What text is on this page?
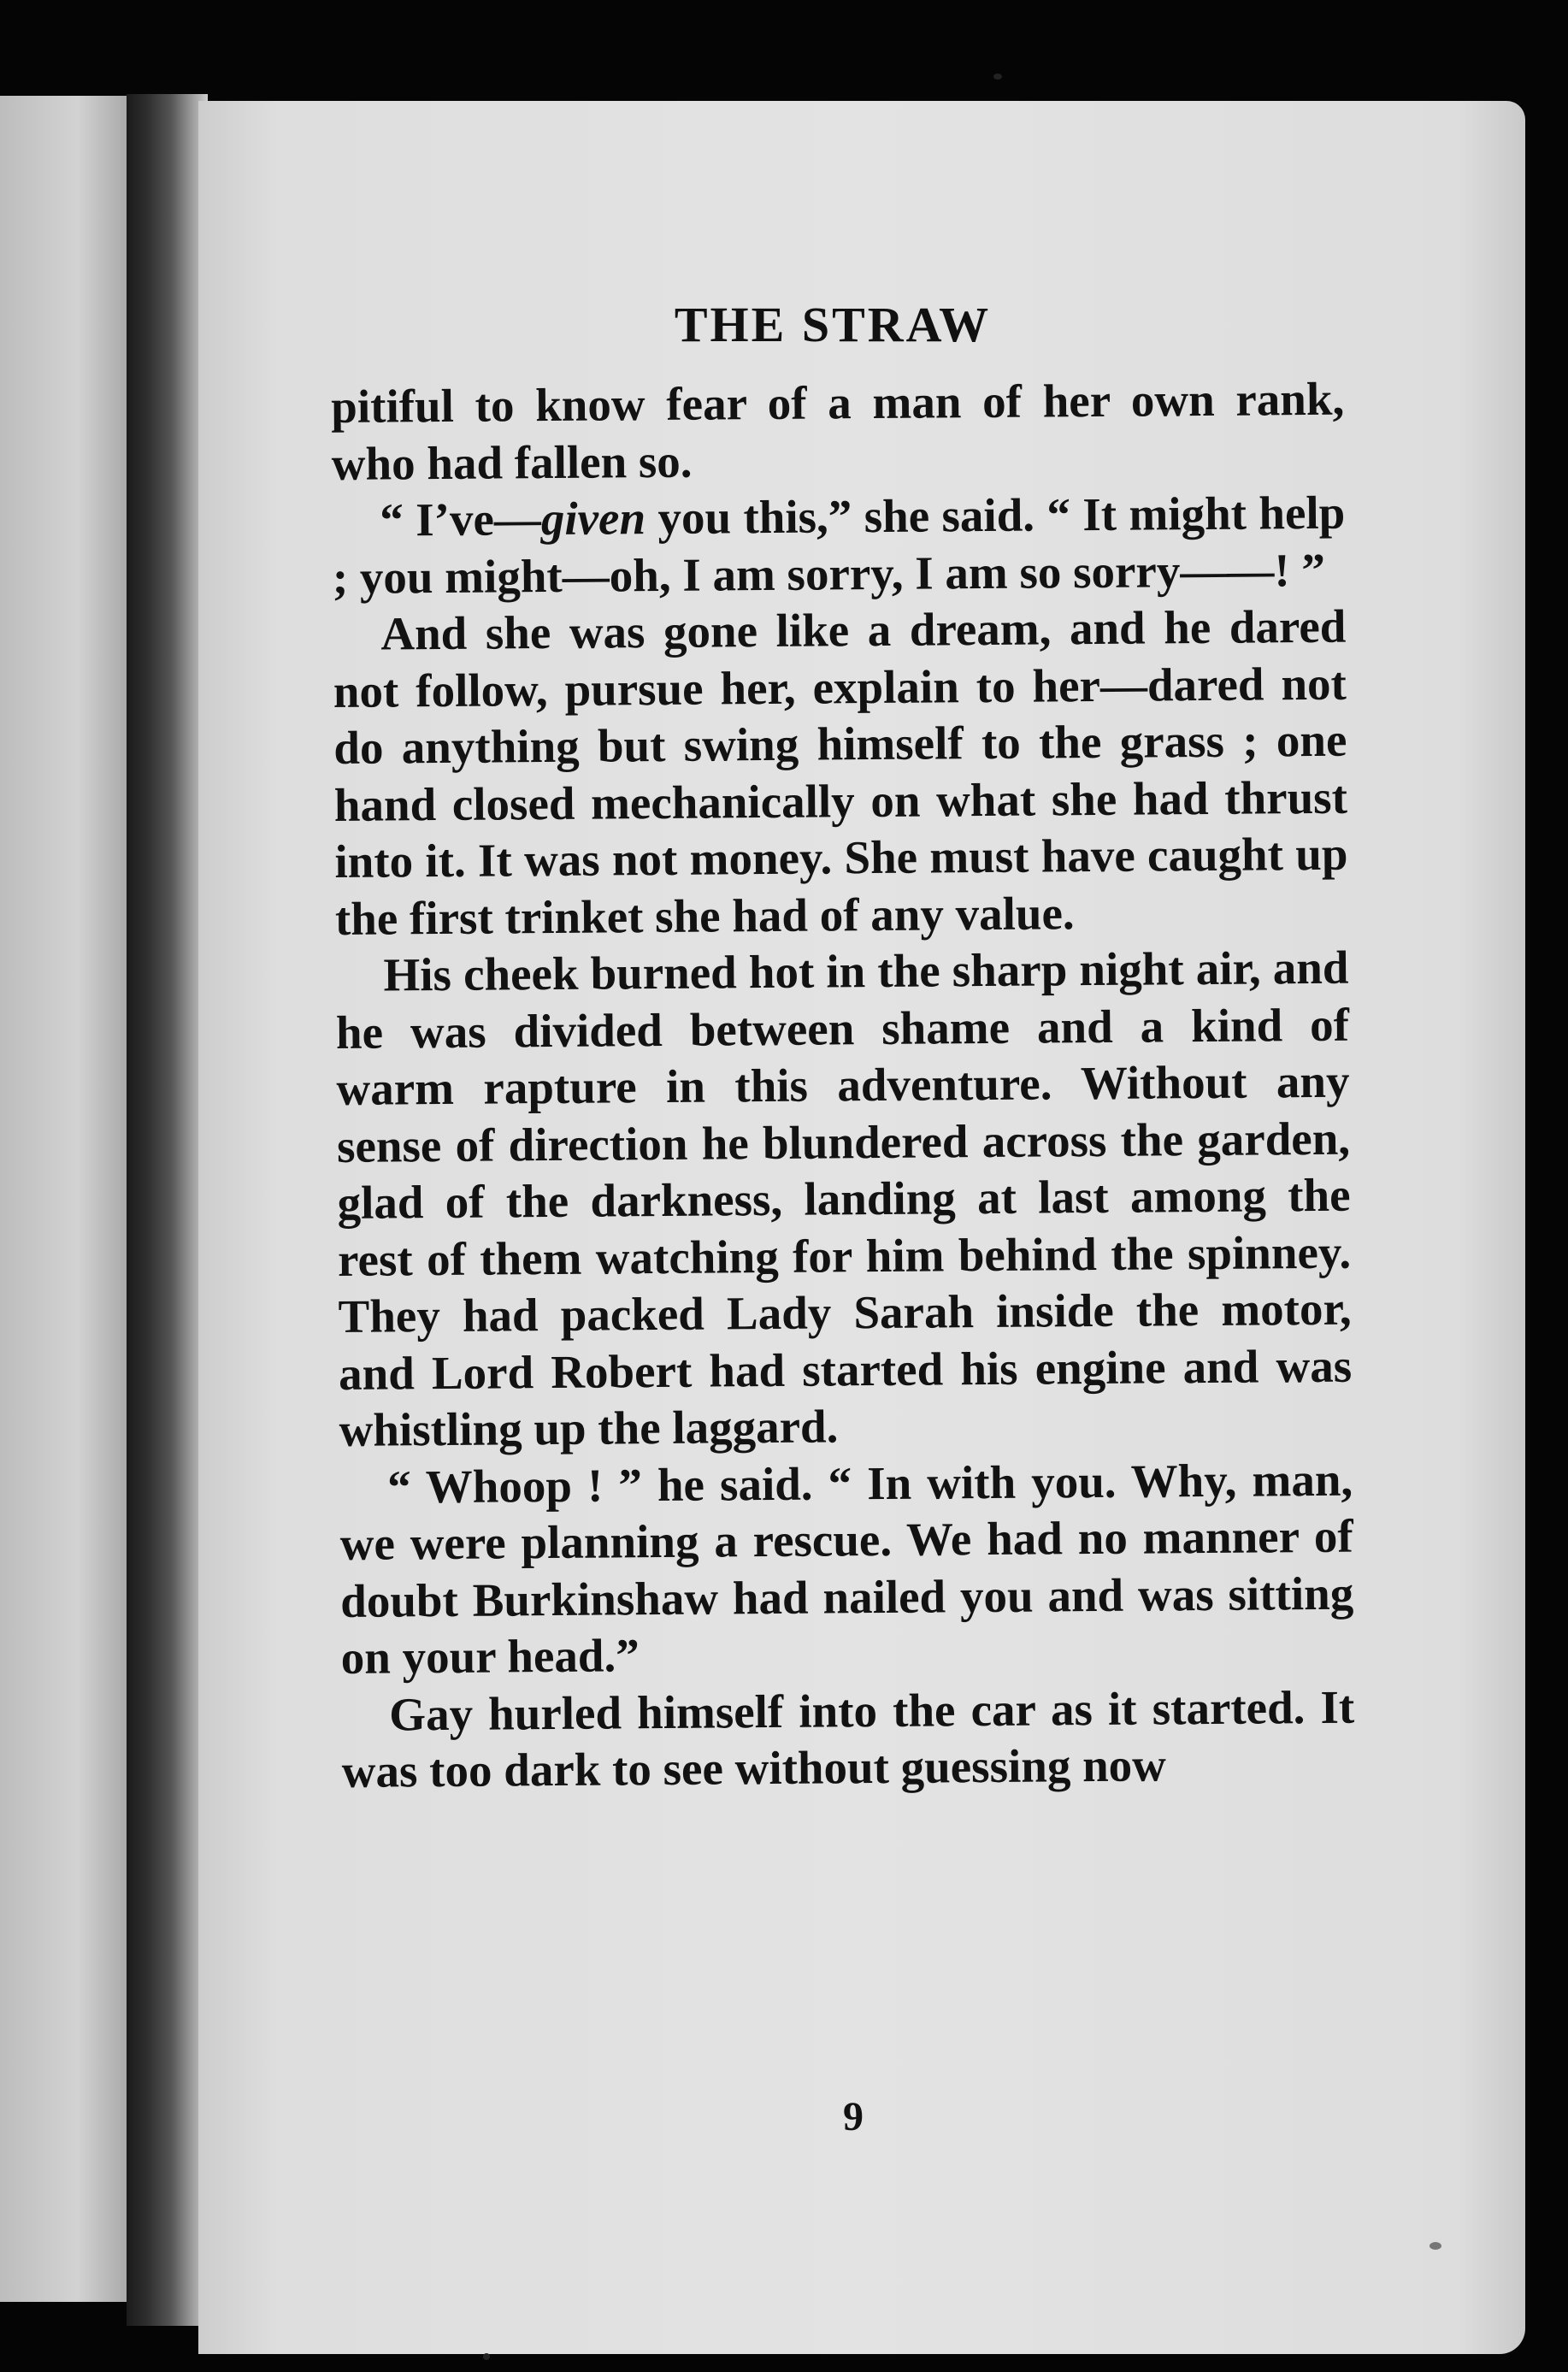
THE STRAW

pitiful to know fear of a man of her own rank, who had fallen so.

“ I’ve—given you this,” she said. “ It might help ; you might—oh, I am sorry, I am so sorry——! ”

And she was gone like a dream, and he dared not follow, pursue her, explain to her—dared not do anything but swing himself to the grass ; one hand closed mechanically on what she had thrust into it. It was not money. She must have caught up the first trinket she had of any value.

His cheek burned hot in the sharp night air, and he was divided between shame and a kind of warm rapture in this adventure. Without any sense of direction he blundered across the garden, glad of the darkness, landing at last among the rest of them watching for him behind the spinney. They had packed Lady Sarah inside the motor, and Lord Robert had started his engine and was whistling up the laggard.

“ Whoop ! ” he said. “ In with you. Why, man, we were planning a rescue. We had no manner of doubt Burkinshaw had nailed you and was sitting on your head.”

Gay hurled himself into the car as it started. It was too dark to see without guessing now

9
